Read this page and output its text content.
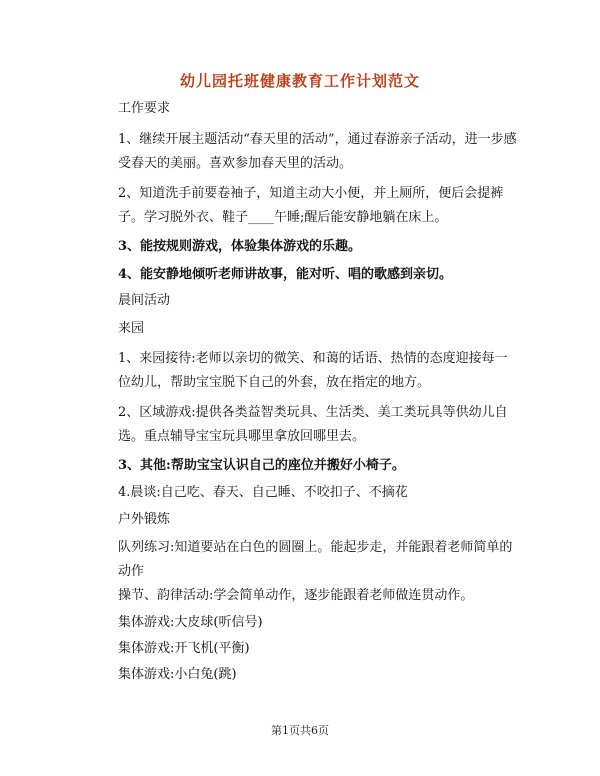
幼儿园托班健康教育工作计划范文
工作要求
1、继续开展主题活动“春天里的活动”，通过春游亲子活动，进一步感受春天的美丽。喜欢参加春天里的活动。
2、知道洗手前要卷袖子，知道主动大小便，并上厕所，便后会提裤子。学习脱外衣、鞋子____午睡;醒后能安静地躺在床上。
3、能按规则游戏，体验集体游戏的乐趣。
4、能安静地倾听老师讲故事，能对听、唱的歌感到亲切。
晨间活动
来园
1、来园接待:老师以亲切的微笑、和蔼的话语、热情的态度迎接每一位幼儿，帮助宝宝脱下自己的外套，放在指定的地方。
2、区域游戏:提供各类益智类玩具、生活类、美工类玩具等供幼儿自选。重点辅导宝宝玩具哪里拿放回哪里去。
3、其他:帮助宝宝认识自己的座位并搬好小椅子。
4.晨谈:自己吃、春天、自己睡、不咬扣子、不摘花
户外锻炼
队列练习:知道要站在白色的圆圈上。能起步走，并能跟着老师简单的动作
操节、韵律活动:学会简单动作，逐步能跟着老师做连贯动作。
集体游戏:大皮球(听信号)
集体游戏:开飞机(平衡)
集体游戏:小白兔(跳)
第1页共6页
